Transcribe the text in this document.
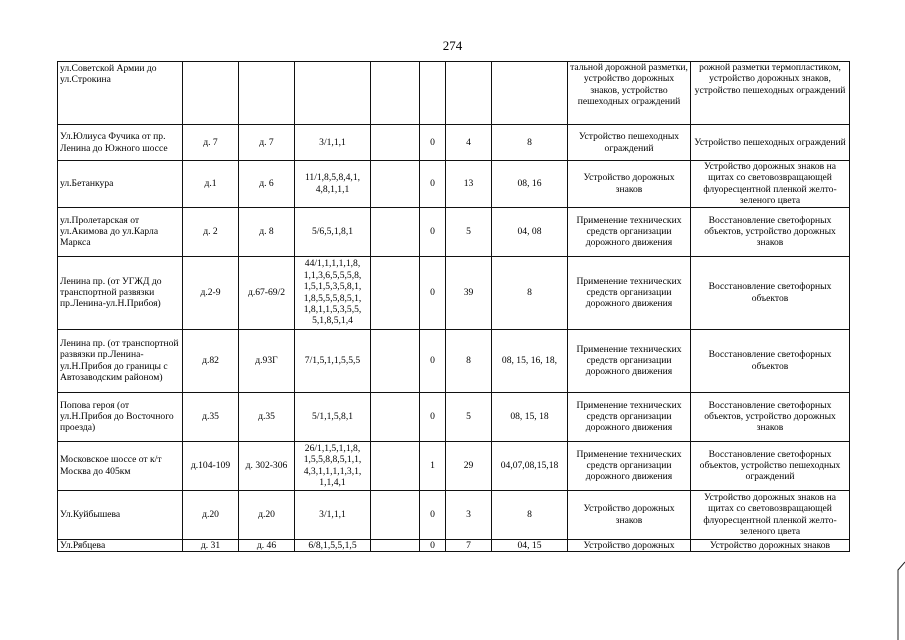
274
ул.Советской Армии до ул.Строкина								тальной дорожной разметки, устройство дорожных знаков, устройство пешеходных ограждений	рожной разметки термопластиком, устройство дорожных знаков, устройство пешеходных ограждений
Ул.Юлиуса Фучика от пр. Ленина до Южного шоссе	д. 7	д. 7	3/1,1,1		0	4	8	Устройство пешеходных ограждений	Устройство пешеходных ограждений
ул.Бетанкура	д.1	д. 6	11/1,8,5,8,4,1, 4,8,1,1,1		0	13	08, 16	Устройство дорожных знаков	Устройство дорожных знаков на щитах со световозвращающей флуоресцентной пленкой желто-зеленого цвета
ул.Пролетарская от ул.Акимова до ул.Карла Маркса	д. 2	д. 8	5/6,5,1,8,1		0	5	04, 08	Применение технических средств организации дорожного движения	Восстановление светофорных объектов, устройство дорожных знаков
Ленина пр. (от УГЖД до транспортной развязки пр.Ленина-ул.Н.Прибоя)	д.2-9	д.67-69/2	44/1,1,1,1,1,8, 1,1,3,6,5,5,5,8, 1,5,1,5,3,5,8,1, 1,8,5,5,5,8,5,1, 1,8,1,1,5,3,5,5, 5,1,8,5,1,4		0	39	8	Применение технических средств организации дорожного движения	Восстановление светофорных объектов
Ленина пр. (от транспортной развязки пр.Ленина-ул.Н.Прибоя до границы с Автозаводским районом)	д.82	д.93Г	7/1,5,1,1,5,5,5		0	8	08, 15, 16, 18,	Применение технических средств организации дорожного движения	Восстановление светофорных объектов
Попова героя (от ул.Н.Прибоя до Восточного проезда)	д.35	д.35	5/1,1,5,8,1		0	5	08, 15, 18	Применение технических средств организации дорожного движения	Восстановление светофорных объектов, устройство дорожных знаков
Московское шоссе от к/т Москва до 405км	д.104-109	д. 302-306	26/1,1,5,1,1,8, 1,5,5,8,8,5,1,1, 4,3,1,1,1,1,3,1, 1,1,4,1		1	29	04,07,08,15,18	Применение технических средств организации дорожного движения	Восстановление светофорных объектов, устройство пешеходных ограждений
Ул.Куйбышева	д.20	д.20	3/1,1,1		0	3	8	Устройство дорожных знаков	Устройство дорожных знаков на щитах со световозвращающей флуоресцентной пленкой желто-зеленого цвета
Ул.Рябцева	д. 31	д. 46	6/8,1,5,5,1,5		0	7	04, 15	Устройство дорожных	Устройство дорожных знаков
